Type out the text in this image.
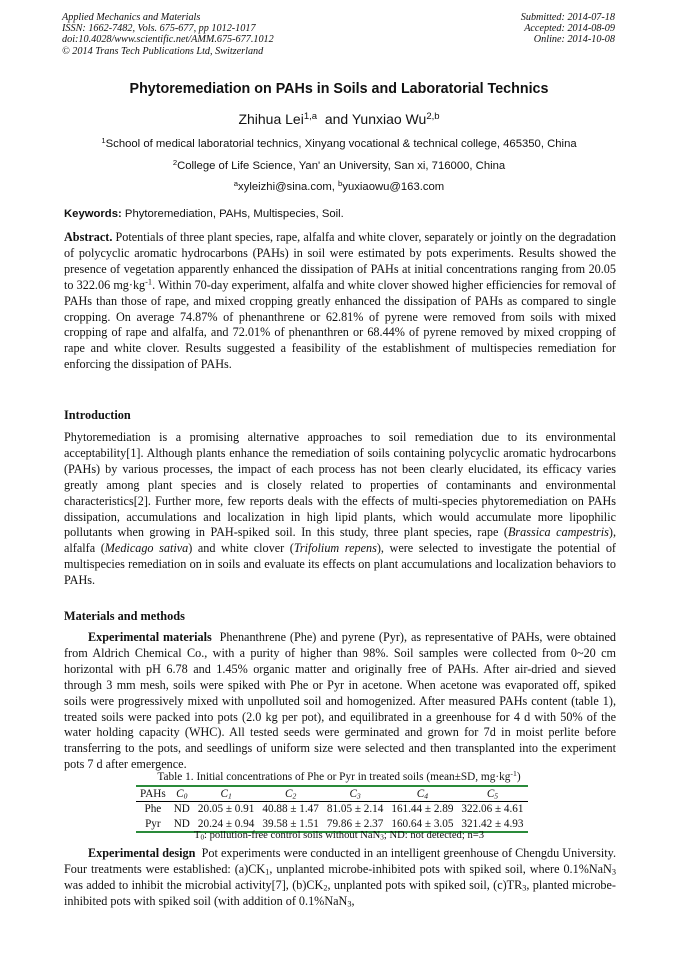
Applied Mechanics and Materials
ISSN: 1662-7482, Vols. 675-677, pp 1012-1017
doi:10.4028/www.scientific.net/AMM.675-677.1012
© 2014 Trans Tech Publications Ltd, Switzerland
Submitted: 2014-07-18
Accepted: 2014-08-09
Online: 2014-10-08
Phytoremediation on PAHs in Soils and Laboratorial Technics
Zhihua Lei$^{1,a}$ and Yunxiao Wu$^{2,b}$
$^1$School of medical laboratorial technics, Xinyang vocational & technical college, 465350, China
$^2$College of Life Science, Yan' an University, San xi, 716000, China
$^a$xyleizhi@sina.com, $^b$yuxiaowu@163.com
Keywords: Phytoremediation, PAHs, Multispecies, Soil.
Abstract. Potentials of three plant species, rape, alfalfa and white clover, separately or jointly on the degradation of polycyclic aromatic hydrocarbons (PAHs) in soil were estimated by pots experiments. Results showed the presence of vegetation apparently enhanced the dissipation of PAHs at initial concentrations ranging from 20.05 to 322.06 $mg\cdot kg^{-1}$. Within 70-day experiment, alfalfa and white clover showed higher efficiencies for removal of PAHs than those of rape, and mixed cropping greatly enhanced the dissipation of PAHs as compared to single cropping. On average 74.87% of phenanthrene or 62.81% of pyrene were removed from soils with mixed cropping of rape and alfalfa, and 72.01% of phenanthren or 68.44% of pyrene removed by mixed cropping of rape and white clover. Results suggested a feasibility of the establishment of multispecies remediation for enforcing the dissipation of PAHs.
Introduction
Phytoremediation is a promising alternative approaches to soil remediation due to its environmental acceptability[1]. Although plants enhance the remediation of soils containing polycyclic aromatic hydrocarbons (PAHs) by various processes, the impact of each process has not been clearly elucidated, its efficacy varies greatly among plant species and is closely related to properties of contaminants and environmental characteristics[2]. Further more, few reports deals with the effects of multi-species phytoremediation on PAHs dissipation, accumulations and localization in high lipid plants, which would accumulate more lipophilic pollutants when growing in PAH-spiked soil. In this study, three plant species, rape (Brassica campestris), alfalfa (Medicago sativa) and white clover (Trifolium repens), were selected to investigate the potential of multispecies remediation on in soils and evaluate its effects on plant accumulations and localization behaviors to PAHs.
Materials and methods
Experimental materials Phenanthrene (Phe) and pyrene (Pyr), as representative of PAHs, were obtained from Aldrich Chemical Co., with a purity of higher than 98%. Soil samples were collected from 0~20 cm horizontal with pH 6.78 and 1.45% organic matter and originally free of PAHs. After air-dried and sieved through 3 mm mesh, soils were spiked with Phe or Pyr in acetone. When acetone was evaporated off, spiked soils were progressively mixed with unpolluted soil and homogenized. After measured PAHs content (table 1), treated soils were packed into pots (2.0 kg per pot), and equilibrated in a greenhouse for 4 d with 50% of the water holding capacity (WHC). All tested seeds were germinated and grown for 7d in moist perlite before transferring to the pots, and seedlings of uniform size were selected and then transplanted into the experiment pots 7 d after emergence.
Table 1. Initial concentrations of Phe or Pyr in treated soils (mean±SD, $mg\cdot kg^{-1}$)
PAHs	$C_0$	$C_1$	$C_2$	$C_3$	$C_4$	$C_5$
Phe	ND	20.05 ± 0.91	40.88 ± 1.47	81.05 ± 2.14	161.44 ± 2.89	322.06 ± 4.61
Pyr	ND	20.24 ± 0.94	39.58 ± 1.51	79.86 ± 2.37	160.64 ± 3.05	321.42 ± 4.93
$T_0$: pollution-free control soils without NaN$_3$; ND: not detected; n=3
Experimental design Pot experiments were conducted in an intelligent greenhouse of Chengdu University. Four treatments were established: $(a)CK_1$, unplanted microbe-inhibited pots with spiked soil, where 0.1%NaN$_3$ was added to inhibit the microbial activity[7], $(b)CK_2$, unplanted pots with spiked soil, $(c)TR_3$, planted microbe-inhibited pots with spiked soil (with addition of 0.1%NaN$_3$,
